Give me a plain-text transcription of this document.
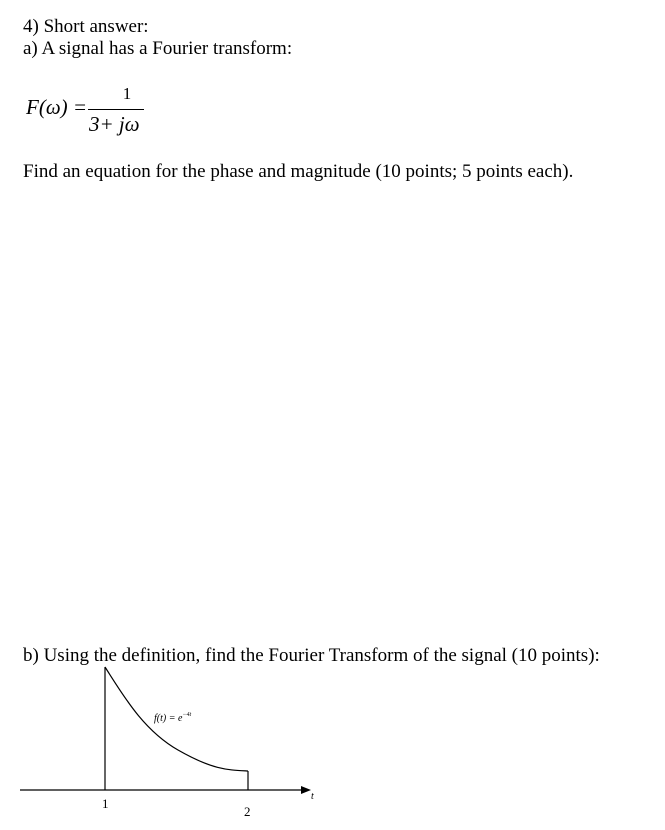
4) Short answer:
a) A signal has a Fourier transform:
F(ω) =
1
3+ jω
Find an equation for the phase and magnitude (10 points; 5 points each).
b) Using the definition, find the Fourier Transform of the signal (10 points):
$f(t) = e^{-4t}$
t
1
2
